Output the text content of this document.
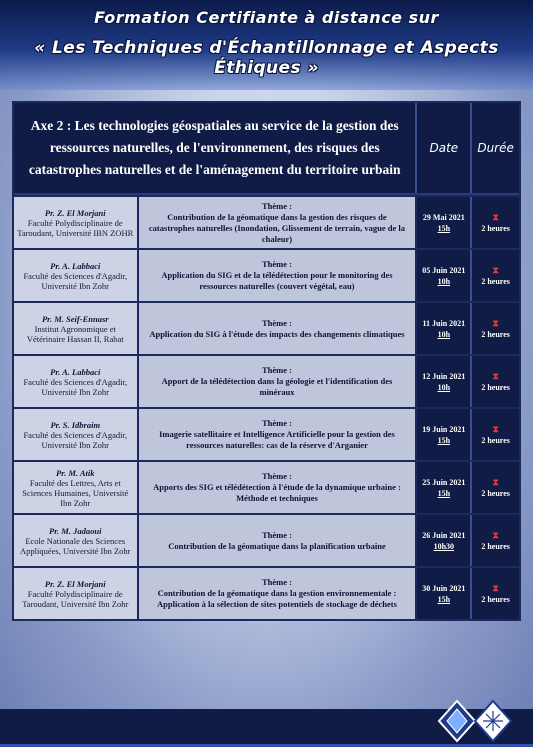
Formation Certifiante à distance sur
« Les Techniques d'Échantillonnage et Aspects Éthiques »
Axe 2 : Les technologies géospatiales au service de la gestion des ressources naturelles, de l'environnement, des risques des catastrophes naturelles et de l'aménagement du territoire urbain
Date	Durée
Pr. Z. El Morjani
Faculté Polydisciplinaire de Taroudant, Université IBN ZOHR
Thème :
Contribution de la géomatique dans la gestion des risques de catastrophes naturelles (Inondation, Glissement de terrain, vague de la chaleur)
29 Mai 2021
15h
⧗
2 heures
Pr. A. Labbaci
Faculté des Sciences d'Agadir, Université Ibn Zohr
Thème :
Application du SIG et de la télédétection pour le monitoring des ressources naturelles (couvert végétal, eau)
05 Juin 2021
10h
⧗
2 heures
Pr. M. Seif-Ennasr
Institut Agronomique et Vétérinaire Hassan II, Rabat
Thème :
Application du SIG à l'étude des impacts des changements climatiques
11 Juin 2021
10h
⧗
2 heures
Pr. A. Labbaci
Faculté des Sciences d'Agadir, Université Ibn Zohr
Thème :
Apport de la télédétection dans la géologie et l'identification des minéraux
12 Juin 2021
10h
⧗
2 heures
Pr. S. Idbraim
Faculté des Sciences d'Agadir, Université Ibn Zohr
Thème :
Imagerie satellitaire et Intelligence Artificielle pour la gestion des ressources naturelles: cas de la réserve d'Arganier
19 Juin 2021
15h
⧗
2 heures
Pr. M. Atik
Faculté des Lettres, Arts et Sciences Humaines, Université Ibn Zohr
Thème :
Apports des SIG et télédétection à l'étude de la dynamique urbaine : Méthode et techniques
25 Juin 2021
15h
⧗
2 heures
Pr. M. Jadaoui
Ecole Nationale des Sciences Appliquées, Université Ibn Zohr
Thème :
Contribution de la géomatique dans la planification urbaine
26 Juin 2021
10h30
⧗
2 heures
Pr. Z. El Morjani
Faculté Polydisciplinaire de Taroudant, Université Ibn Zohr
Thème :
Contribution de la géomatique dans la gestion environnementale : Application à la sélection de sites potentiels de stockage de déchets
30 Juin 2021
15h
⧗
2 heures
